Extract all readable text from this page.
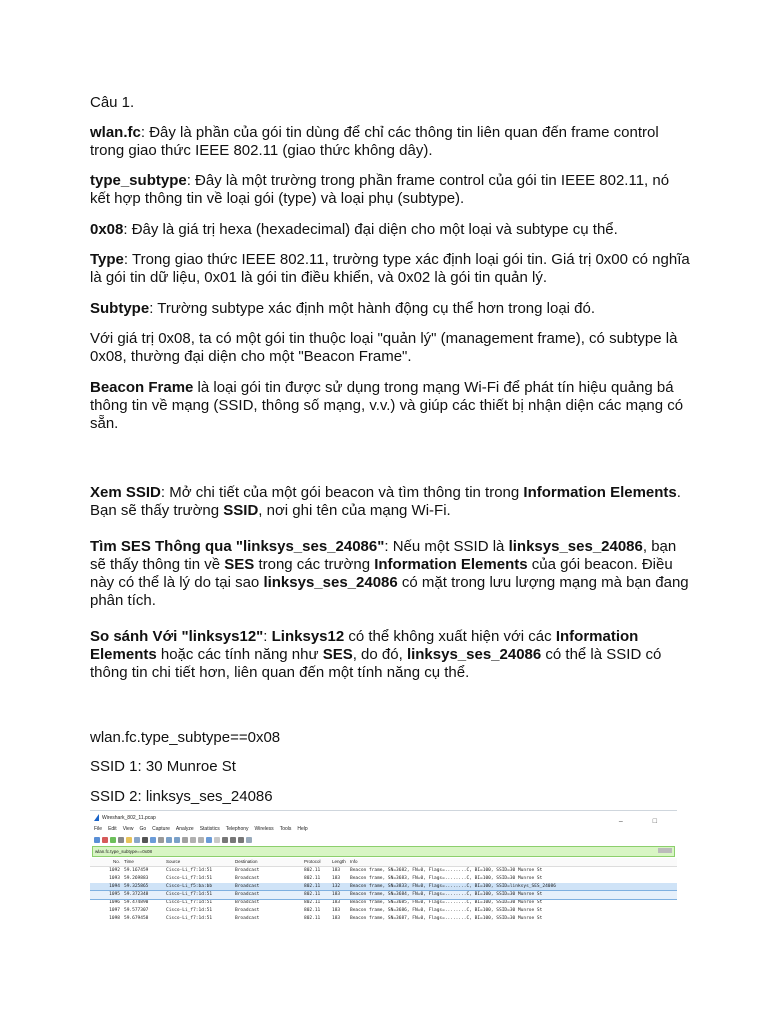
Câu 1.

wlan.fc: Đây là phần của gói tin dùng để chỉ các thông tin liên quan đến frame control trong giao thức IEEE 802.11 (giao thức không dây).

type_subtype: Đây là một trường trong phần frame control của gói tin IEEE 802.11, nó kết hợp thông tin về loại gói (type) và loại phụ (subtype).

0x08: Đây là giá trị hexa (hexadecimal) đại diện cho một loại và subtype cụ thể.

Type: Trong giao thức IEEE 802.11, trường type xác định loại gói tin. Giá trị 0x00 có nghĩa là gói tin dữ liệu, 0x01 là gói tin điều khiển, và 0x02 là gói tin quản lý.

Subtype: Trường subtype xác định một hành động cụ thể hơn trong loại đó.

Với giá trị 0x08, ta có một gói tin thuộc loại "quản lý" (management frame), có subtype là 0x08, thường đại diện cho một "Beacon Frame".

Beacon Frame là loại gói tin được sử dụng trong mạng Wi-Fi để phát tín hiệu quảng bá thông tin về mạng (SSID, thông số mạng, v.v.) và giúp các thiết bị nhận diện các mạng có sẵn.

Xem SSID: Mở chi tiết của một gói beacon và tìm thông tin trong Information Elements. Bạn sẽ thấy trường SSID, nơi ghi tên của mạng Wi-Fi.

Tìm SES Thông qua "linksys_ses_24086": Nếu một SSID là linksys_ses_24086, bạn sẽ thấy thông tin về SES trong các trường Information Elements của gói beacon. Điều này có thể là lý do tại sao linksys_ses_24086 có mặt trong lưu lượng mạng mà bạn đang phân tích.

So sánh Với "linksys12": Linksys12 có thể không xuất hiện với các Information Elements hoặc các tính năng như SES, do đó, linksys_ses_24086 có thể là SSID có thông tin chi tiết hơn, liên quan đến một tính năng cụ thể.

wlan.fc.type_subtype==0x08

SSID 1: 30 Munroe St

SSID 2: linksys_ses_24086

Wireshark_802_11.pcap
– □
File Edit View Go Capture Analyze Statistics Telephony Wireless Tools Help
wlan.fc.type_subtype==0x08
No. Time	Source	Destination	Protocol	Length Info
1092 59.167459	Cisco-Li_f7:1d:51	Broadcast	802.11	183	Beacon frame, SN=3682, FN=0, Flags=........C, BI=100, SSID=30 Munroe St
1093 59.269883	Cisco-Li_f7:1d:51	Broadcast	802.11	183	Beacon frame, SN=3683, FN=0, Flags=........C, BI=100, SSID=30 Munroe St
1094 59.325865	Cisco-Li_f5:ba:bb	Broadcast	802.11	132	Beacon frame, SN=3833, FN=0, Flags=........C, BI=100, SSID=linksys_SES_24086
1095 59.372348	Cisco-Li_f7:1d:51	Broadcast	802.11	183	Beacon frame, SN=3684, FN=0, Flags=........C, BI=100, SSID=30 Munroe St
1096 59.474890	Cisco-Li_f7:1d:51	Broadcast	802.11	183	Beacon frame, SN=3685, FN=0, Flags=........C, BI=100, SSID=30 Munroe St
1097 59.577307	Cisco-Li_f7:1d:51	Broadcast	802.11	183	Beacon frame, SN=3686, FN=0, Flags=........C, BI=100, SSID=30 Munroe St
1098 59.679458	Cisco-Li_f7:1d:51	Broadcast	802.11	183	Beacon frame, SN=3687, FN=0, Flags=........C, BI=100, SSID=30 Munroe St
